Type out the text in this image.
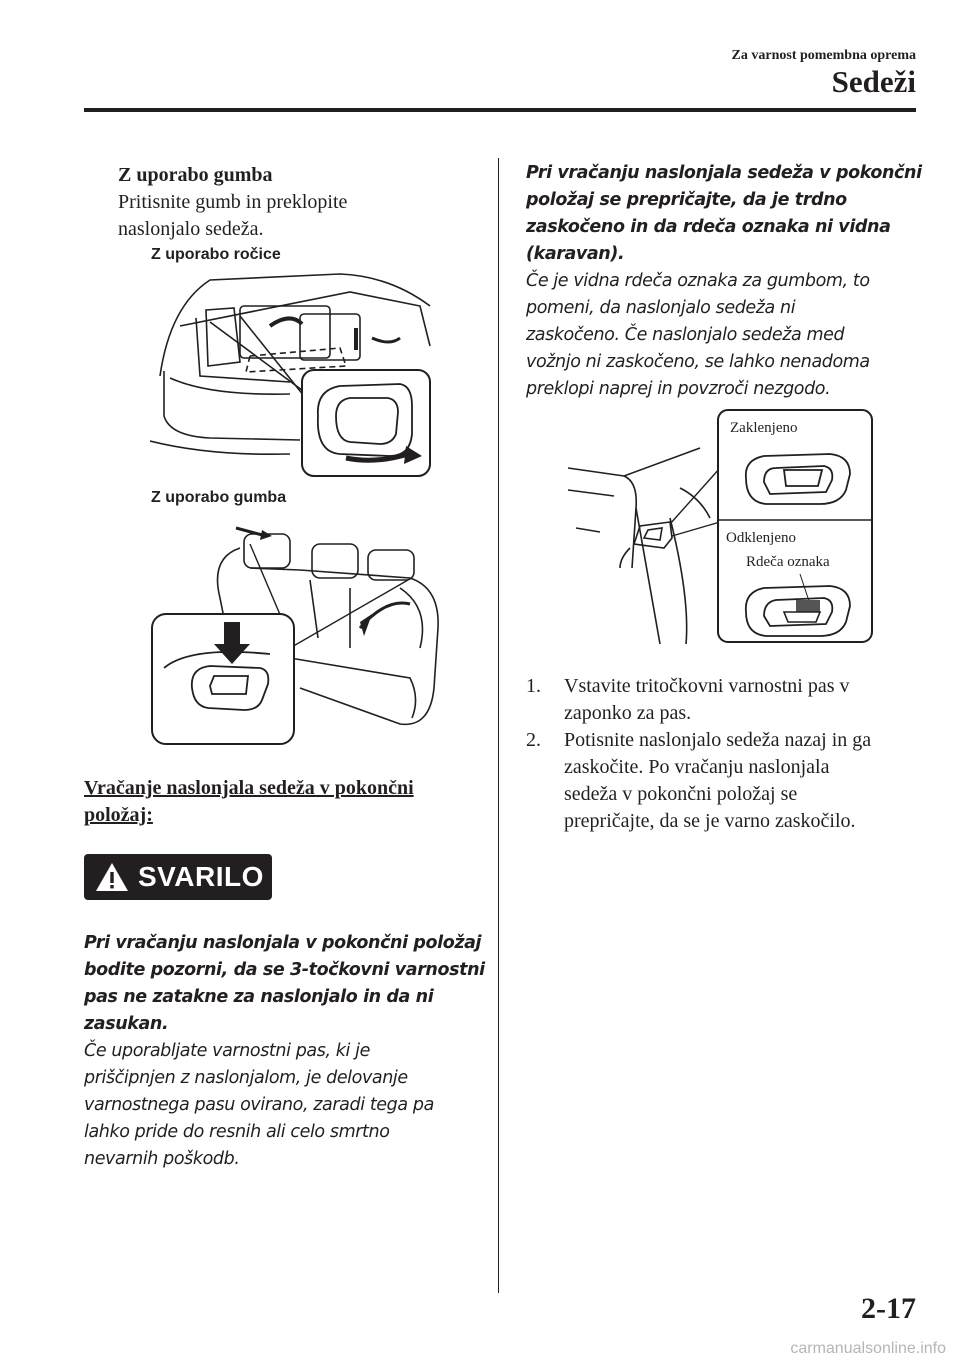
Za varnost pomembna oprema
Sedeži
Z uporabo gumba
Pritisnite gumb in preklopite
naslonjalo sedeža.
Z uporabo ročice
Z uporabo gumba
Vračanje naslonjala sedeža v pokončni
položaj:
SVARILO
Pri vračanju naslonjala v pokončni položaj
bodite pozorni, da se 3-točkovni varnostni
pas ne zatakne za naslonjalo in da ni
zasukan.
Če uporabljate varnostni pas, ki je
priščipnjen z naslonjalom, je delovanje
varnostnega pasu ovirano, zaradi tega pa
lahko pride do resnih ali celo smrtno
nevarnih poškodb.
Pri vračanju naslonjala sedeža v pokončni
položaj se prepričajte, da je trdno
zaskočeno in da rdeča oznaka ni vidna
(karavan).
Če je vidna rdeča oznaka za gumbom, to
pomeni, da naslonjalo sedeža ni
zaskočeno. Če naslonjalo sedeža med
vožnjo ni zaskočeno, se lahko nenadoma
preklopi naprej in povzroči nezgodo.
Zaklenjeno
Odklenjeno
Rdeča oznaka
1. Vstavite tritočkovni varnostni pas v
zaponko za pas.
2. Potisnite naslonjalo sedeža nazaj in ga
zaskočite. Po vračanju naslonjala
sedeža v pokončni položaj se
prepričajte, da se je varno zaskočilo.
2-17
carmanualsonline.info
